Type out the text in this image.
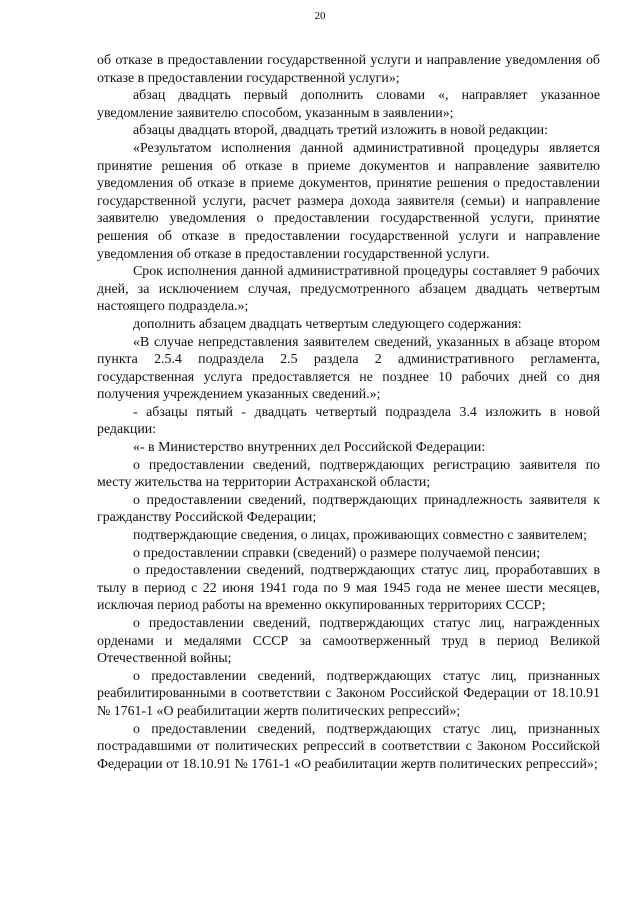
20

об отказе в предоставлении государственной услуги и направление уведомления об отказе в предоставлении государственной услуги»;

абзац двадцать первый дополнить словами «, направляет указанное уведомление заявителю способом, указанным в заявлении»;

абзацы двадцать второй, двадцать третий изложить в новой редакции:

«Результатом исполнения данной административной процедуры является принятие решения об отказе в приеме документов и направление заявителю уведомления об отказе в приеме документов, принятие решения о предоставлении государственной услуги, расчет размера дохода заявителя (семьи) и направление заявителю уведомления о предоставлении государственной услуги, принятие решения об отказе в предоставлении государственной услуги и направление уведомления об отказе в предоставлении государственной услуги.

Срок исполнения данной административной процедуры составляет 9 рабочих дней, за исключением случая, предусмотренного абзацем двадцать четвертым настоящего подраздела.»;

дополнить абзацем двадцать четвертым следующего содержания:

«В случае непредставления заявителем сведений, указанных в абзаце втором пункта 2.5.4 подраздела 2.5 раздела 2 административного регламента, государственная услуга предоставляется не позднее 10 рабочих дней со дня получения учреждением указанных сведений.»;

- абзацы пятый - двадцать четвертый подраздела 3.4 изложить в новой редакции:

«- в Министерство внутренних дел Российской Федерации:

о предоставлении сведений, подтверждающих регистрацию заявителя по месту жительства на территории Астраханской области;

о предоставлении сведений, подтверждающих принадлежность заявителя к гражданству Российской Федерации;

подтверждающие сведения, о лицах, проживающих совместно с заявителем;

о предоставлении справки (сведений) о размере получаемой пенсии;

о предоставлении сведений, подтверждающих статус лиц, проработавших в тылу в период с 22 июня 1941 года по 9 мая 1945 года не менее шести месяцев, исключая период работы на временно оккупированных территориях СССР;

о предоставлении сведений, подтверждающих статус лиц, награжденных орденами и медалями СССР за самоотверженный труд в период Великой Отечественной войны;

о предоставлении сведений, подтверждающих статус лиц, признанных реабилитированными в соответствии с Законом Российской Федерации от 18.10.91 № 1761-1 «О реабилитации жертв политических репрессий»;

о предоставлении сведений, подтверждающих статус лиц, признанных пострадавшими от политических репрессий в соответствии с Законом Российской Федерации от 18.10.91 № 1761-1 «О реабилитации жертв политических репрессий»;
